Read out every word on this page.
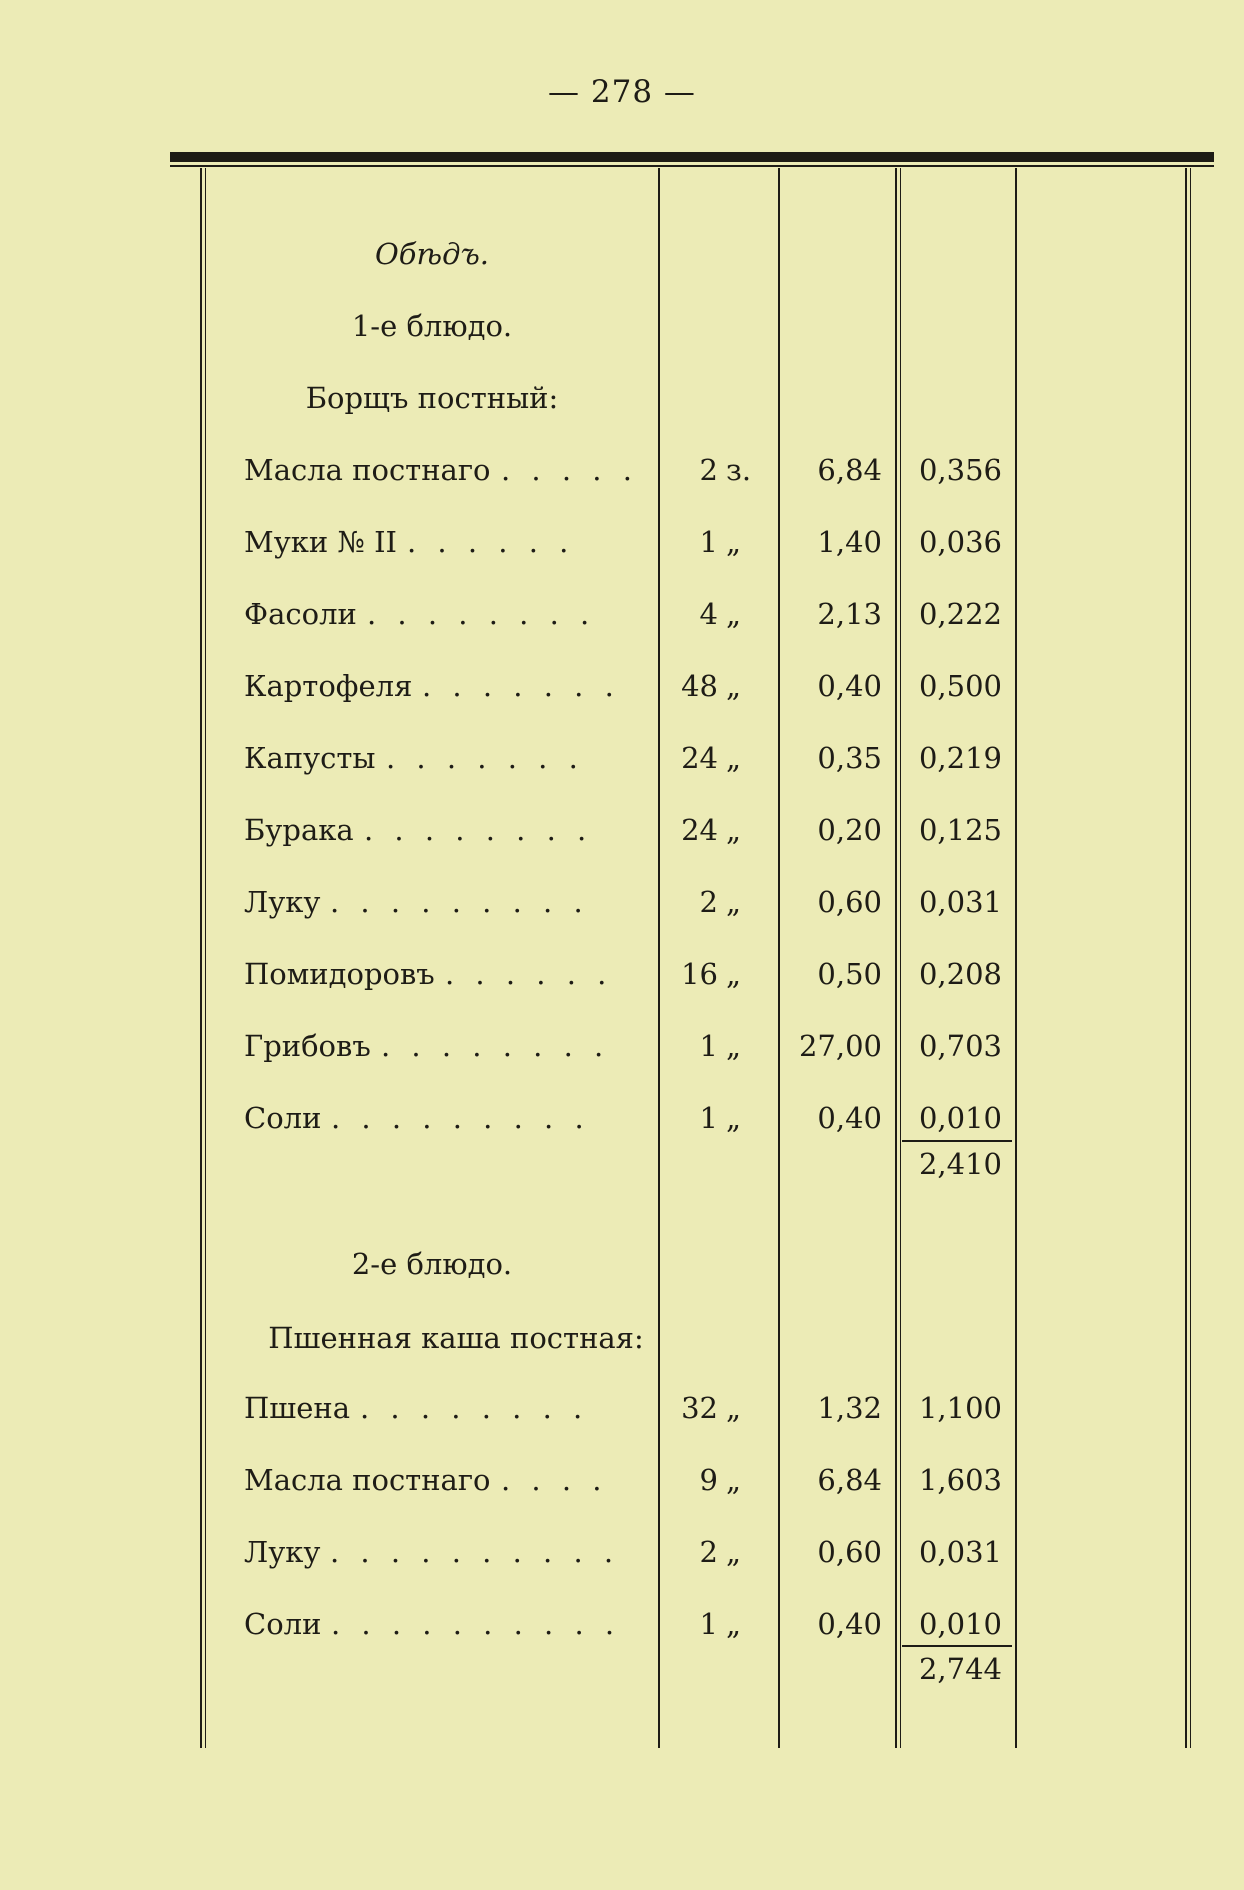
— 278 —
Обѣдъ.
1-е блюдо.
Борщъ постный:
Масла постнаго . . . . .	2 з.	6,84	0,356
Муки № II . . . . . .	1 „	1,40	0,036
Фасоли . . . . . . . .	4 „	2,13	0,222
Картофеля . . . . . . .	48 „	0,40	0,500
Капусты . . . . . . .	24 „	0,35	0,219
Бурака . . . . . . . .	24 „	0,20	0,125
Луку . . . . . . . . .	2 „	0,60	0,031
Помидоровъ . . . . . .	16 „	0,50	0,208
Грибовъ . . . . . . . .	1 „	27,00	0,703
Соли . . . . . . . . .	1 „	0,40	0,010
2,410
2-е блюдо.
Пшенная каша постная:
Пшена . . . . . . . .	32 „	1,32	1,100
Масла постнаго . . . .	9 „	6,84	1,603
Луку . . . . . . . . . .	2 „	0,60	0,031
Соли . . . . . . . . . .	1 „	0,40	0,010
2,744
